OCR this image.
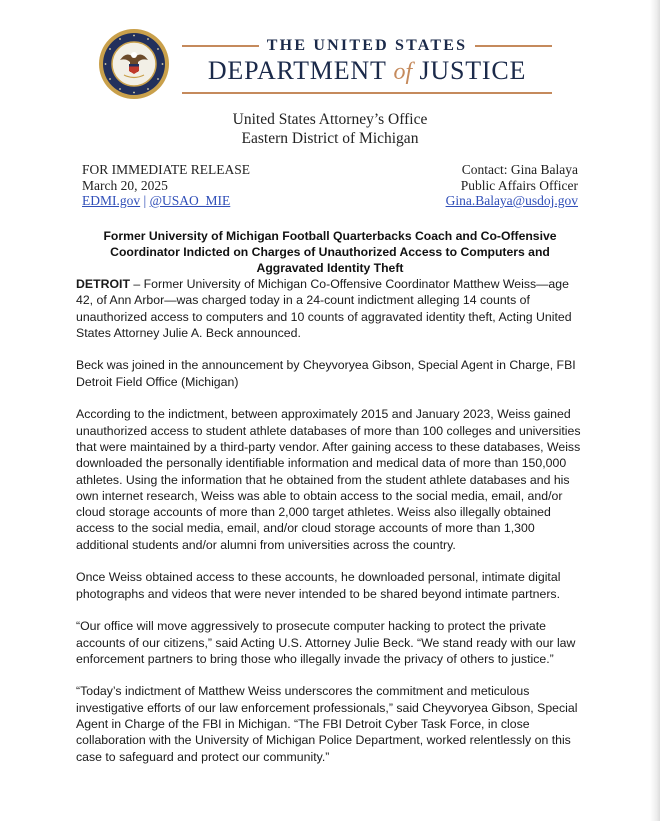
THE UNITED STATES
DEPARTMENT of JUSTICE
United States Attorney’s Office
Eastern District of Michigan
FOR IMMEDIATE RELEASE
March 20, 2025
EDMI.gov | @USAO_MIE
Contact: Gina Balaya
Public Affairs Officer
Gina.Balaya@usdoj.gov
Former University of Michigan Football Quarterbacks Coach and Co-Offensive Coordinator Indicted on Charges of Unauthorized Access to Computers and Aggravated Identity Theft

DETROIT – Former University of Michigan Co-Offensive Coordinator Matthew Weiss—age 42, of Ann Arbor—was charged today in a 24-count indictment alleging 14 counts of unauthorized access to computers and 10 counts of aggravated identity theft, Acting United States Attorney Julie A. Beck announced.

Beck was joined in the announcement by Cheyvoryea Gibson, Special Agent in Charge, FBI Detroit Field Office (Michigan)

According to the indictment, between approximately 2015 and January 2023, Weiss gained unauthorized access to student athlete databases of more than 100 colleges and universities that were maintained by a third-party vendor. After gaining access to these databases, Weiss downloaded the personally identifiable information and medical data of more than 150,000 athletes. Using the information that he obtained from the student athlete databases and his own internet research, Weiss was able to obtain access to the social media, email, and/or cloud storage accounts of more than 2,000 target athletes. Weiss also illegally obtained access to the social media, email, and/or cloud storage accounts of more than 1,300 additional students and/or alumni from universities across the country.

Once Weiss obtained access to these accounts, he downloaded personal, intimate digital photographs and videos that were never intended to be shared beyond intimate partners.

“Our office will move aggressively to prosecute computer hacking to protect the private accounts of our citizens,” said Acting U.S. Attorney Julie Beck. “We stand ready with our law enforcement partners to bring those who illegally invade the privacy of others to justice.”

“Today’s indictment of Matthew Weiss underscores the commitment and meticulous investigative efforts of our law enforcement professionals,” said Cheyvoryea Gibson, Special Agent in Charge of the FBI in Michigan. “The FBI Detroit Cyber Task Force, in close collaboration with the University of Michigan Police Department, worked relentlessly on this case to safeguard and protect our community.”
